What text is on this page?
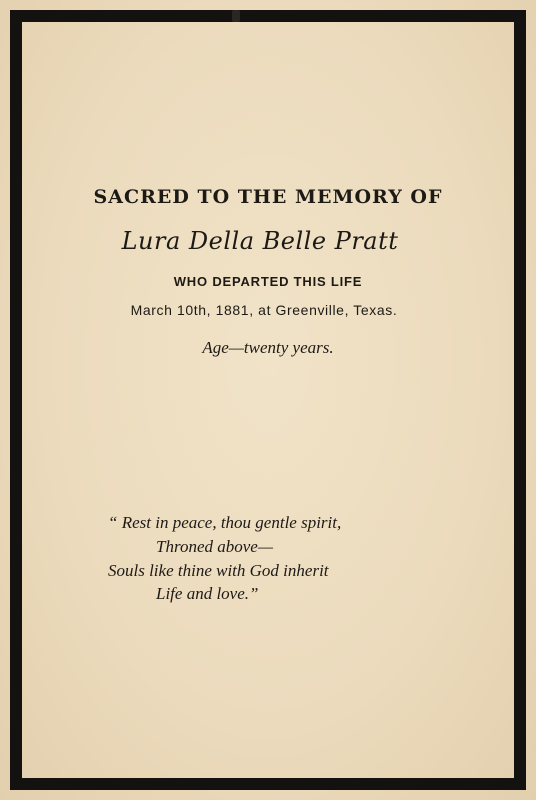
SACRED TO THE MEMORY OF
Lura Della Belle Pratt
WHO DEPARTED THIS LIFE
March 10th, 1881, at Greenville, Texas.
Age—twenty years.
“ Rest in peace, thou gentle spirit,
Throned above—
Souls like thine with God inherit
Life and love.”
